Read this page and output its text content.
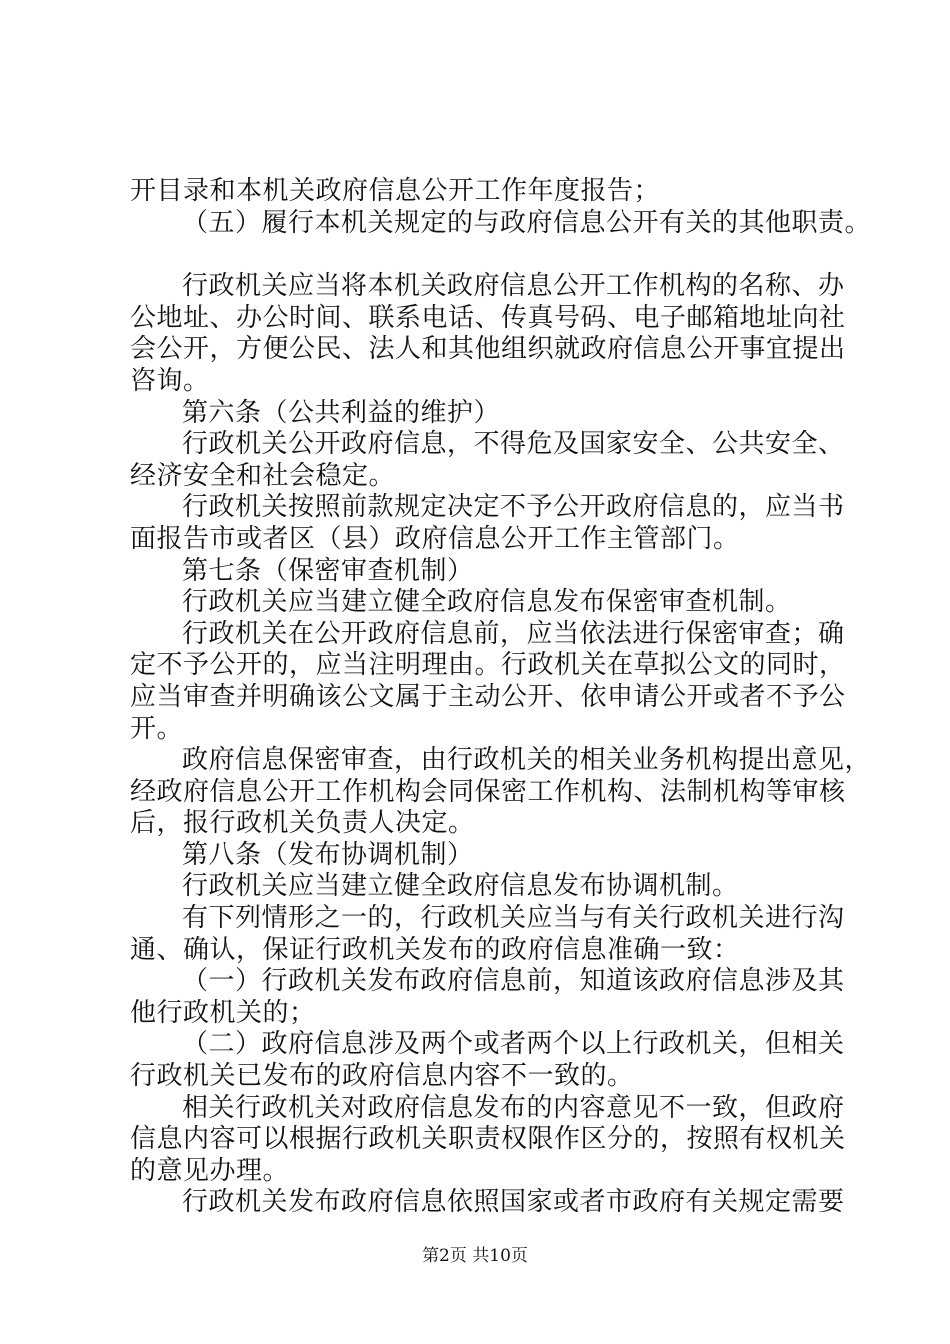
开目录和本机关政府信息公开工作年度报告；
（五）履行本机关规定的与政府信息公开有关的其他职责。
行政机关应当将本机关政府信息公开工作机构的名称、办
公地址、办公时间、联系电话、传真号码、电子邮箱地址向社
会公开，方便公民、法人和其他组织就政府信息公开事宜提出
咨询。
第六条（公共利益的维护）
行政机关公开政府信息，不得危及国家安全、公共安全、
经济安全和社会稳定。
行政机关按照前款规定决定不予公开政府信息的，应当书
面报告市或者区（县）政府信息公开工作主管部门。
第七条（保密审查机制）
行政机关应当建立健全政府信息发布保密审查机制。
行政机关在公开政府信息前，应当依法进行保密审查；确
定不予公开的，应当注明理由。行政机关在草拟公文的同时，
应当审查并明确该公文属于主动公开、依申请公开或者不予公
开。
政府信息保密审查，由行政机关的相关业务机构提出意见，
经政府信息公开工作机构会同保密工作机构、法制机构等审核
后，报行政机关负责人决定。
第八条（发布协调机制）
行政机关应当建立健全政府信息发布协调机制。
有下列情形之一的，行政机关应当与有关行政机关进行沟
通、确认，保证行政机关发布的政府信息准确一致：
（一）行政机关发布政府信息前，知道该政府信息涉及其
他行政机关的；
（二）政府信息涉及两个或者两个以上行政机关，但相关
行政机关已发布的政府信息内容不一致的。
相关行政机关对政府信息发布的内容意见不一致，但政府
信息内容可以根据行政机关职责权限作区分的，按照有权机关
的意见办理。
行政机关发布政府信息依照国家或者市政府有关规定需要
第2页 共10页
